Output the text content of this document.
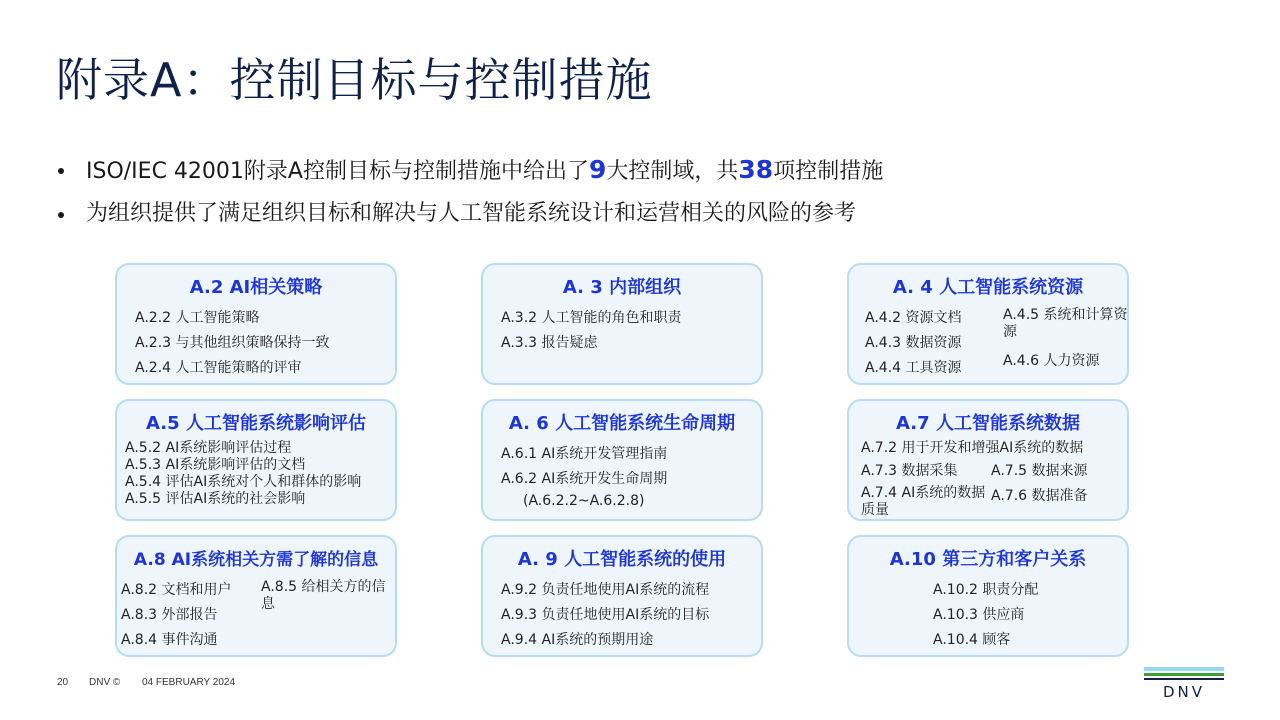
附录A：控制目标与控制措施
ISO/IEC 42001附录A控制目标与控制措施中给出了9大控制域，共38项控制措施
为组织提供了满足组织目标和解决与人工智能系统设计和运营相关的风险的参考
A.2 AI相关策略
A.2.2 人工智能策略
A.2.3 与其他组织策略保持一致
A.2.4 人工智能策略的评审
A. 3 内部组织
A.3.2 人工智能的角色和职责
A.3.3 报告疑虑
A. 4 人工智能系统资源
A.4.2 资源文档
A.4.3 数据资源
A.4.4 工具资源
A.4.5 系统和计算资源
A.4.6 人力资源
A.5 人工智能系统影响评估
A.5.2 AI系统影响评估过程
A.5.3 AI系统影响评估的文档
A.5.4 评估AI系统对个人和群体的影响
A.5.5 评估AI系统的社会影响
A. 6 人工智能系统生命周期
A.6.1 AI系统开发管理指南
A.6.2 AI系统开发生命周期
(A.6.2.2~A.6.2.8)
A.7 人工智能系统数据
A.7.2 用于开发和增强AI系统的数据
A.7.3 数据采集 A.7.5 数据来源
A.7.4 AI系统的数据质量
A.7.6 数据准备
A.8 AI系统相关方需了解的信息
A.8.2 文档和用户
A.8.3 外部报告
A.8.4 事件沟通
A.8.5 给相关方的信息
A. 9 人工智能系统的使用
A.9.2 负责任地使用AI系统的流程
A.9.3 负责任地使用AI系统的目标
A.9.4 AI系统的预期用途
A.10 第三方和客户关系
A.10.2 职责分配
A.10.3 供应商
A.10.4 顾客
20 DNV © 04 FEBRUARY 2024
DNV
